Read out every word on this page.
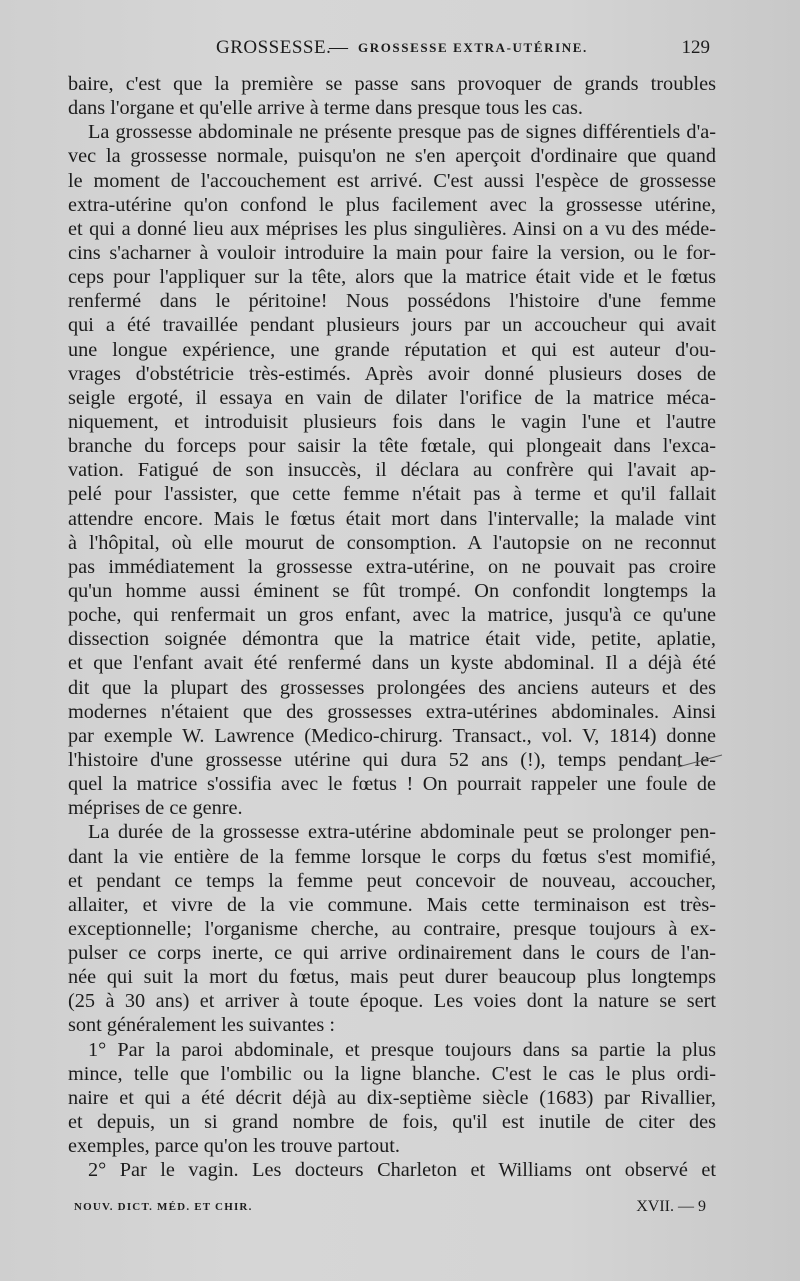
GROSSESSE.
— GROSSESSE EXTRA-UTÉRINE.	129
baire, c'est que la première se passe sans provoquer de grands troubles
dans l'organe et qu'elle arrive à terme dans presque tous les cas.
La grossesse abdominale ne présente presque pas de signes différentiels d'a-
vec la grossesse normale, puisqu'on ne s'en aperçoit d'ordinaire que quand
le moment de l'accouchement est arrivé. C'est aussi l'espèce de grossesse
extra-utérine qu'on confond le plus facilement avec la grossesse utérine,
et qui a donné lieu aux méprises les plus singulières. Ainsi on a vu des méde-
cins s'acharner à vouloir introduire la main pour faire la version, ou le for-
ceps pour l'appliquer sur la tête, alors que la matrice était vide et le fœtus
renfermé dans le péritoine! Nous possédons l'histoire d'une femme
qui a été travaillée pendant plusieurs jours par un accoucheur qui avait
une longue expérience, une grande réputation et qui est auteur d'ou-
vrages d'obstétricie très-estimés. Après avoir donné plusieurs doses de
seigle ergoté, il essaya en vain de dilater l'orifice de la matrice méca-
niquement, et introduisit plusieurs fois dans le vagin l'une et l'autre
branche du forceps pour saisir la tête fœtale, qui plongeait dans l'exca-
vation. Fatigué de son insuccès, il déclara au confrère qui l'avait ap-
pelé pour l'assister, que cette femme n'était pas à terme et qu'il fallait
attendre encore. Mais le fœtus était mort dans l'intervalle; la malade vint
à l'hôpital, où elle mourut de consomption. A l'autopsie on ne reconnut
pas immédiatement la grossesse extra-utérine, on ne pouvait pas croire
qu'un homme aussi éminent se fût trompé. On confondit longtemps la
poche, qui renfermait un gros enfant, avec la matrice, jusqu'à ce qu'une
dissection soignée démontra que la matrice était vide, petite, aplatie,
et que l'enfant avait été renfermé dans un kyste abdominal. Il a déjà été
dit que la plupart des grossesses prolongées des anciens auteurs et des
modernes n'étaient que des grossesses extra-utérines abdominales. Ainsi
par exemple W. Lawrence (Medico-chirurg. Transact., vol. V, 1814) donne
l'histoire d'une grossesse utérine qui dura 52 ans (!), temps pendant le-
quel la matrice s'ossifia avec le fœtus ! On pourrait rappeler une foule de
méprises de ce genre.
La durée de la grossesse extra-utérine abdominale peut se prolonger pen-
dant la vie entière de la femme lorsque le corps du fœtus s'est momifié,
et pendant ce temps la femme peut concevoir de nouveau, accoucher,
allaiter, et vivre de la vie commune. Mais cette terminaison est très-
exceptionnelle; l'organisme cherche, au contraire, presque toujours à ex-
pulser ce corps inerte, ce qui arrive ordinairement dans le cours de l'an-
née qui suit la mort du fœtus, mais peut durer beaucoup plus longtemps
(25 à 30 ans) et arriver à toute époque. Les voies dont la nature se sert
sont généralement les suivantes :
1° Par la paroi abdominale, et presque toujours dans sa partie la plus
mince, telle que l'ombilic ou la ligne blanche. C'est le cas le plus ordi-
naire et qui a été décrit déjà au dix-septième siècle (1683) par Rivallier,
et depuis, un si grand nombre de fois, qu'il est inutile de citer des
exemples, parce qu'on les trouve partout.
2° Par le vagin. Les docteurs Charleton et Williams ont observé et
NOUV. DICT. MÉD. ET CHIR.	XVII. — 9
